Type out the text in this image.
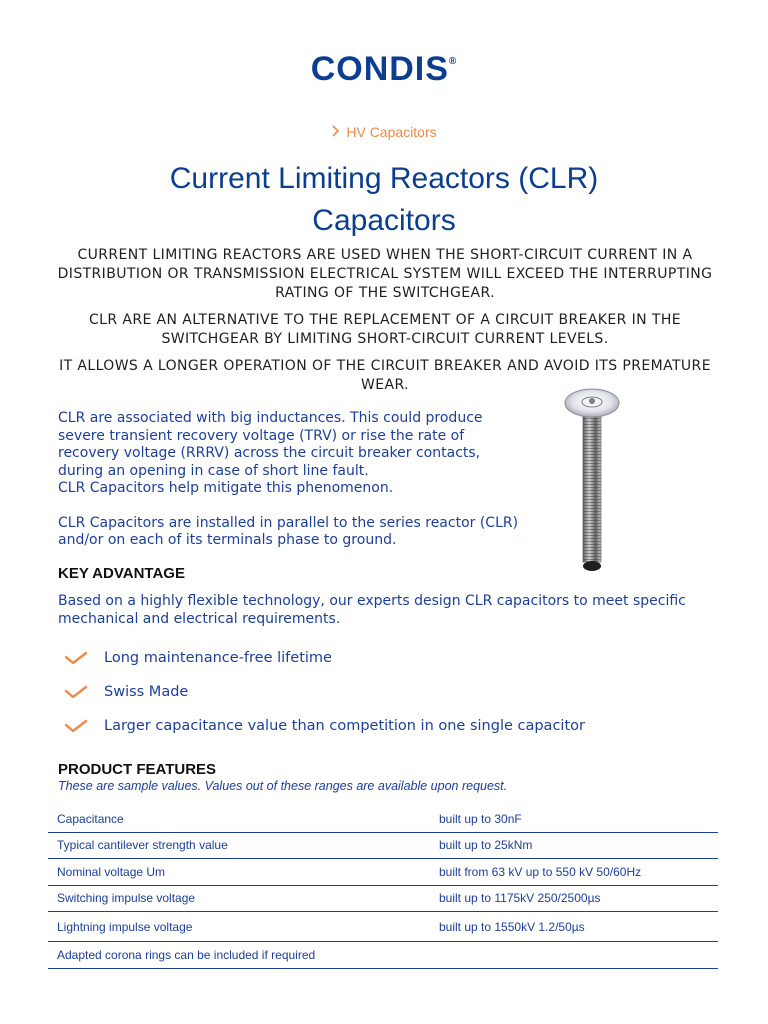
CONDIS®
HV Capacitors
Current Limiting Reactors (CLR)
Capacitors

CURRENT LIMITING REACTORS ARE USED WHEN THE SHORT-CIRCUIT CURRENT IN A DISTRIBUTION OR TRANSMISSION ELECTRICAL SYSTEM WILL EXCEED THE INTERRUPTING RATING OF THE SWITCHGEAR.

CLR ARE AN ALTERNATIVE TO THE REPLACEMENT OF A CIRCUIT BREAKER IN THE SWITCHGEAR BY LIMITING SHORT-CIRCUIT CURRENT LEVELS.

IT ALLOWS A LONGER OPERATION OF THE CIRCUIT BREAKER AND AVOID ITS PREMATURE WEAR.

CLR are associated with big inductances. This could produce severe transient recovery voltage (TRV) or rise the rate of recovery voltage (RRRV) across the circuit breaker contacts, during an opening in case of short line fault.
CLR Capacitors help mitigate this phenomenon.
CLR Capacitors are installed in parallel to the series reactor (CLR) and/or on each of its terminals phase to ground.
KEY ADVANTAGE

Based on a highly flexible technology, our experts design CLR capacitors to meet specific mechanical and electrical requirements.

Long maintenance-free lifetime
Swiss Made
Larger capacitance value than competition in one single capacitor
PRODUCT FEATURES

These are sample values. Values out of these ranges are available upon request.

Capacitance	built up to 30nF
Typical cantilever strength value	built up to 25kNm
Nominal voltage Um	built from 63 kV up to 550 kV 50/60Hz
Switching impulse voltage	built up to 1175kV 250/2500µs
Lightning impulse voltage	built up to 1550kV 1.2/50µs
Adapted corona rings can be included if required	
